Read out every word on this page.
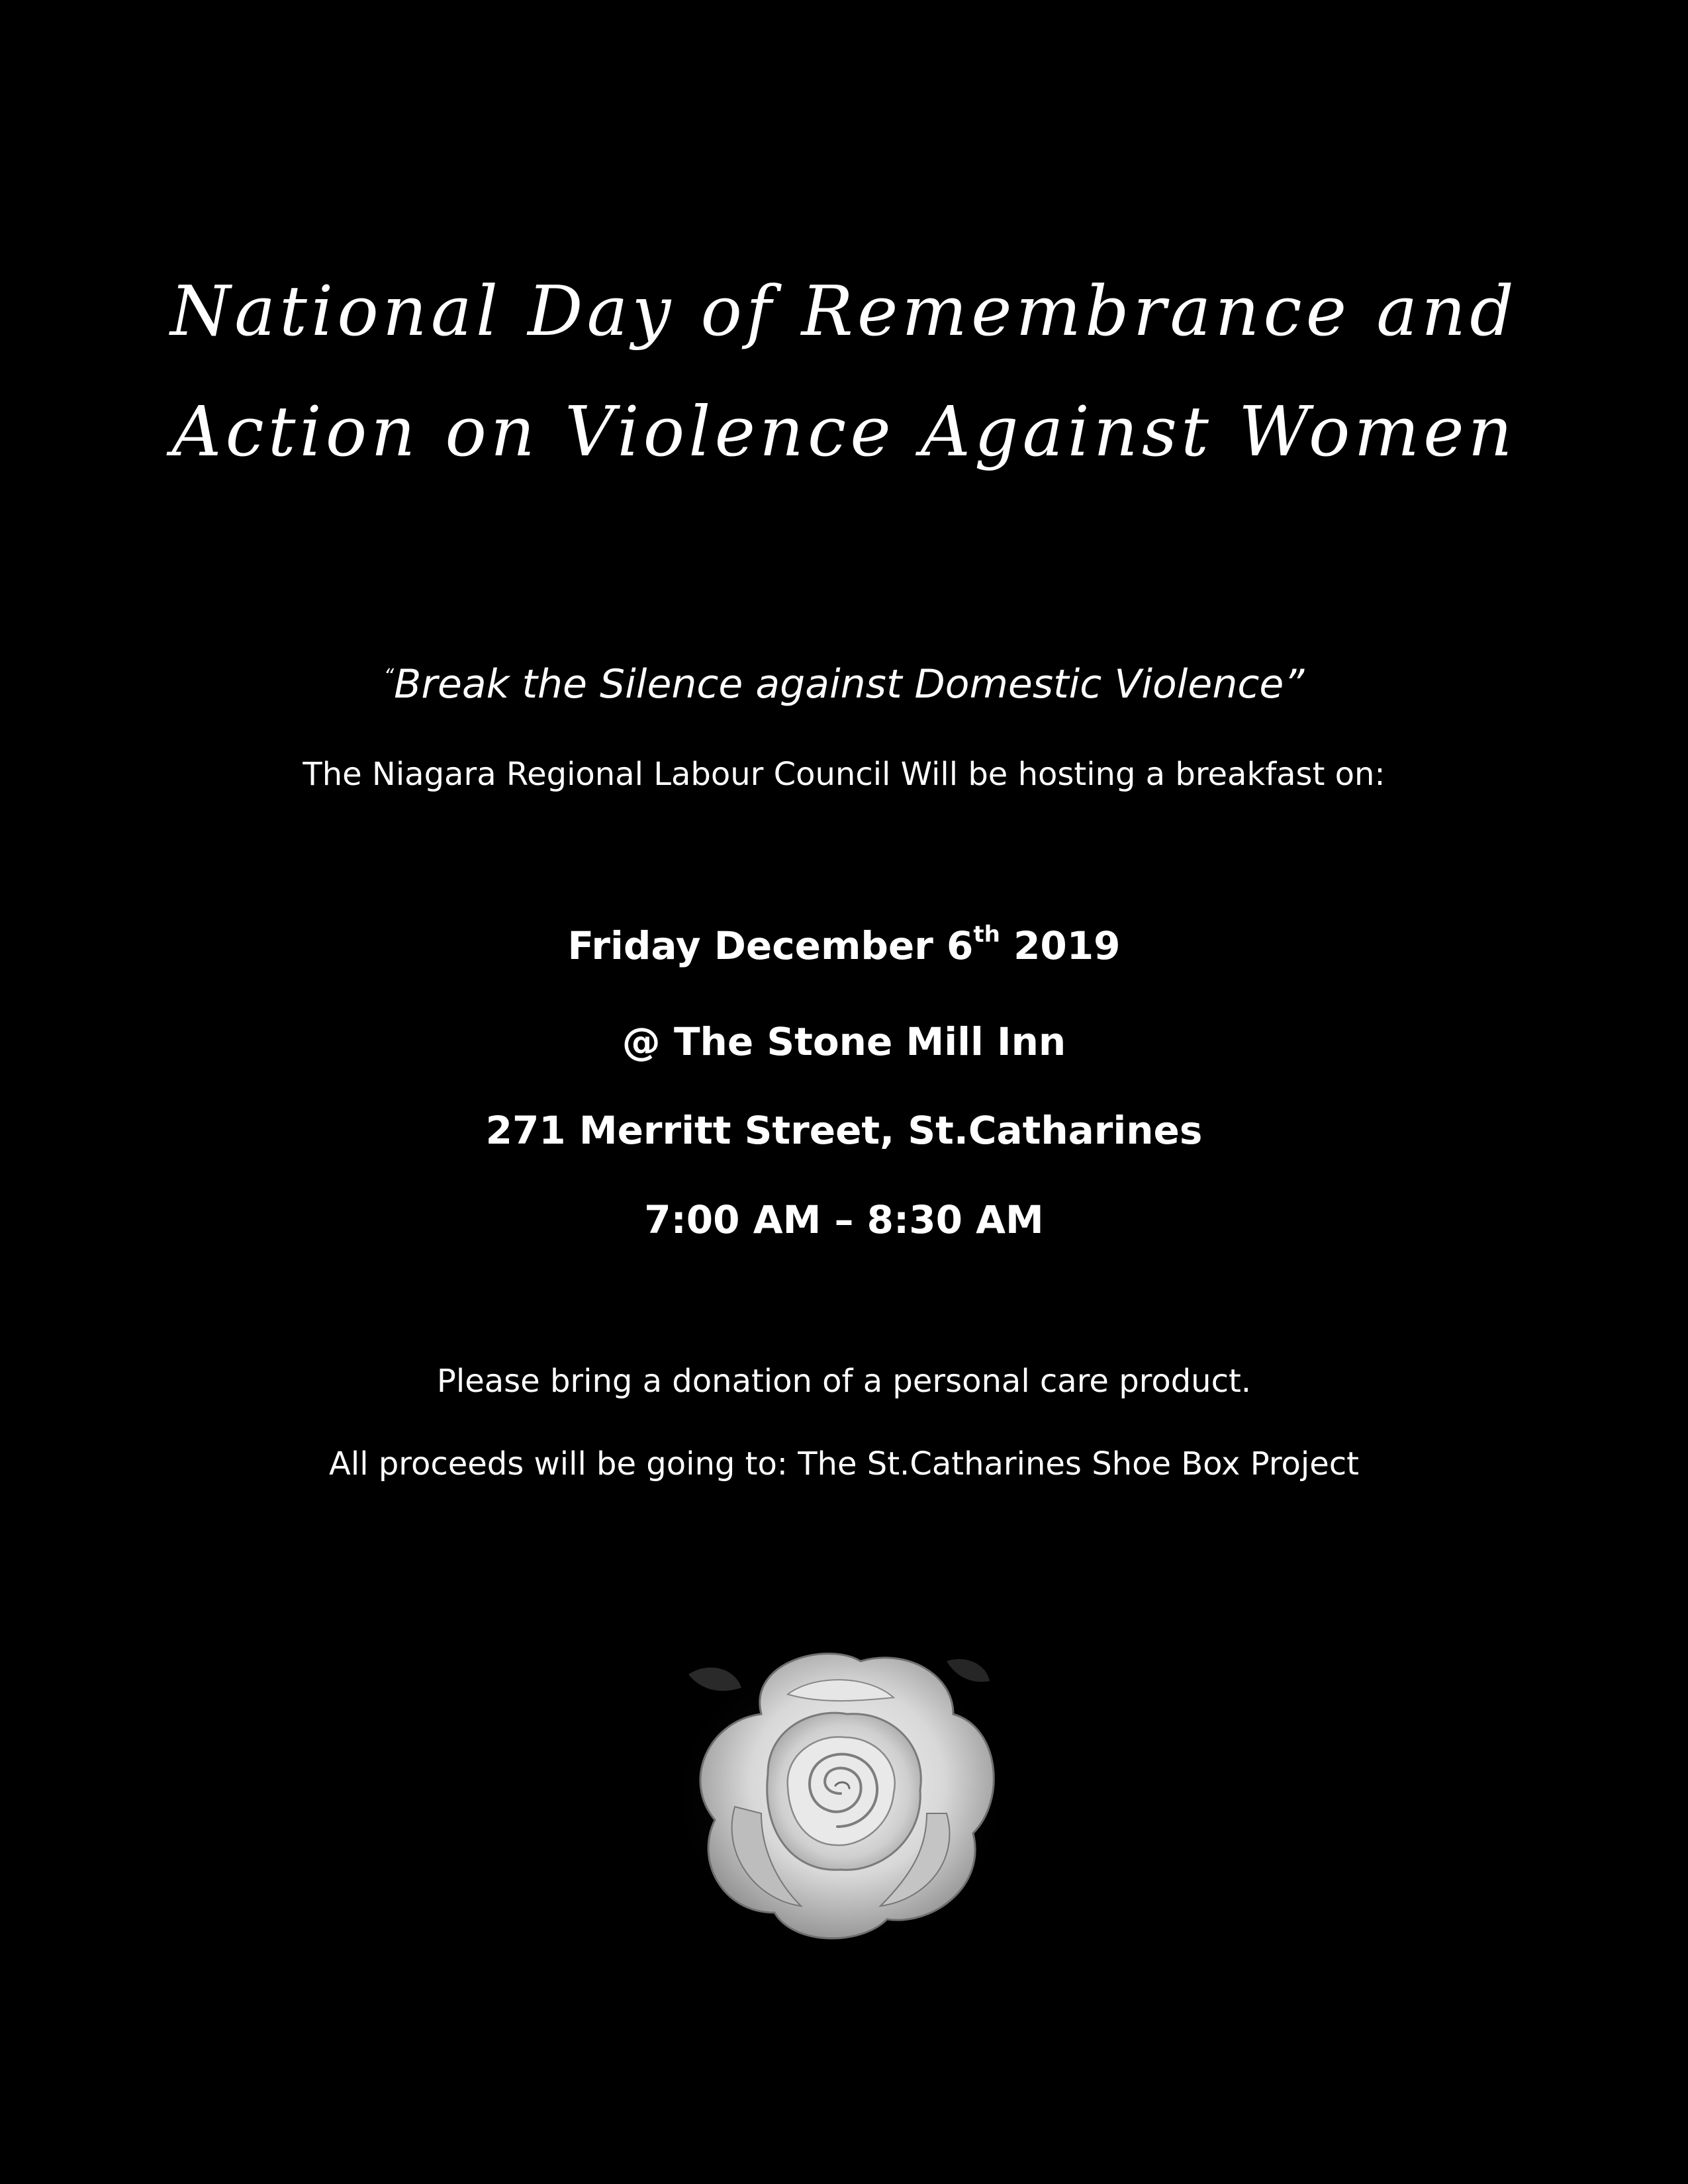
National Day of Remembrance and
Action on Violence Against Women
“Break the Silence against Domestic Violence”
The Niagara Regional Labour Council Will be hosting a breakfast on:
Friday December 6th 2019
@ The Stone Mill Inn
271 Merritt Street, St.Catharines
7:00 AM – 8:30 AM
Please bring a donation of a personal care product.
All proceeds will be going to: The St.Catharines Shoe Box Project
